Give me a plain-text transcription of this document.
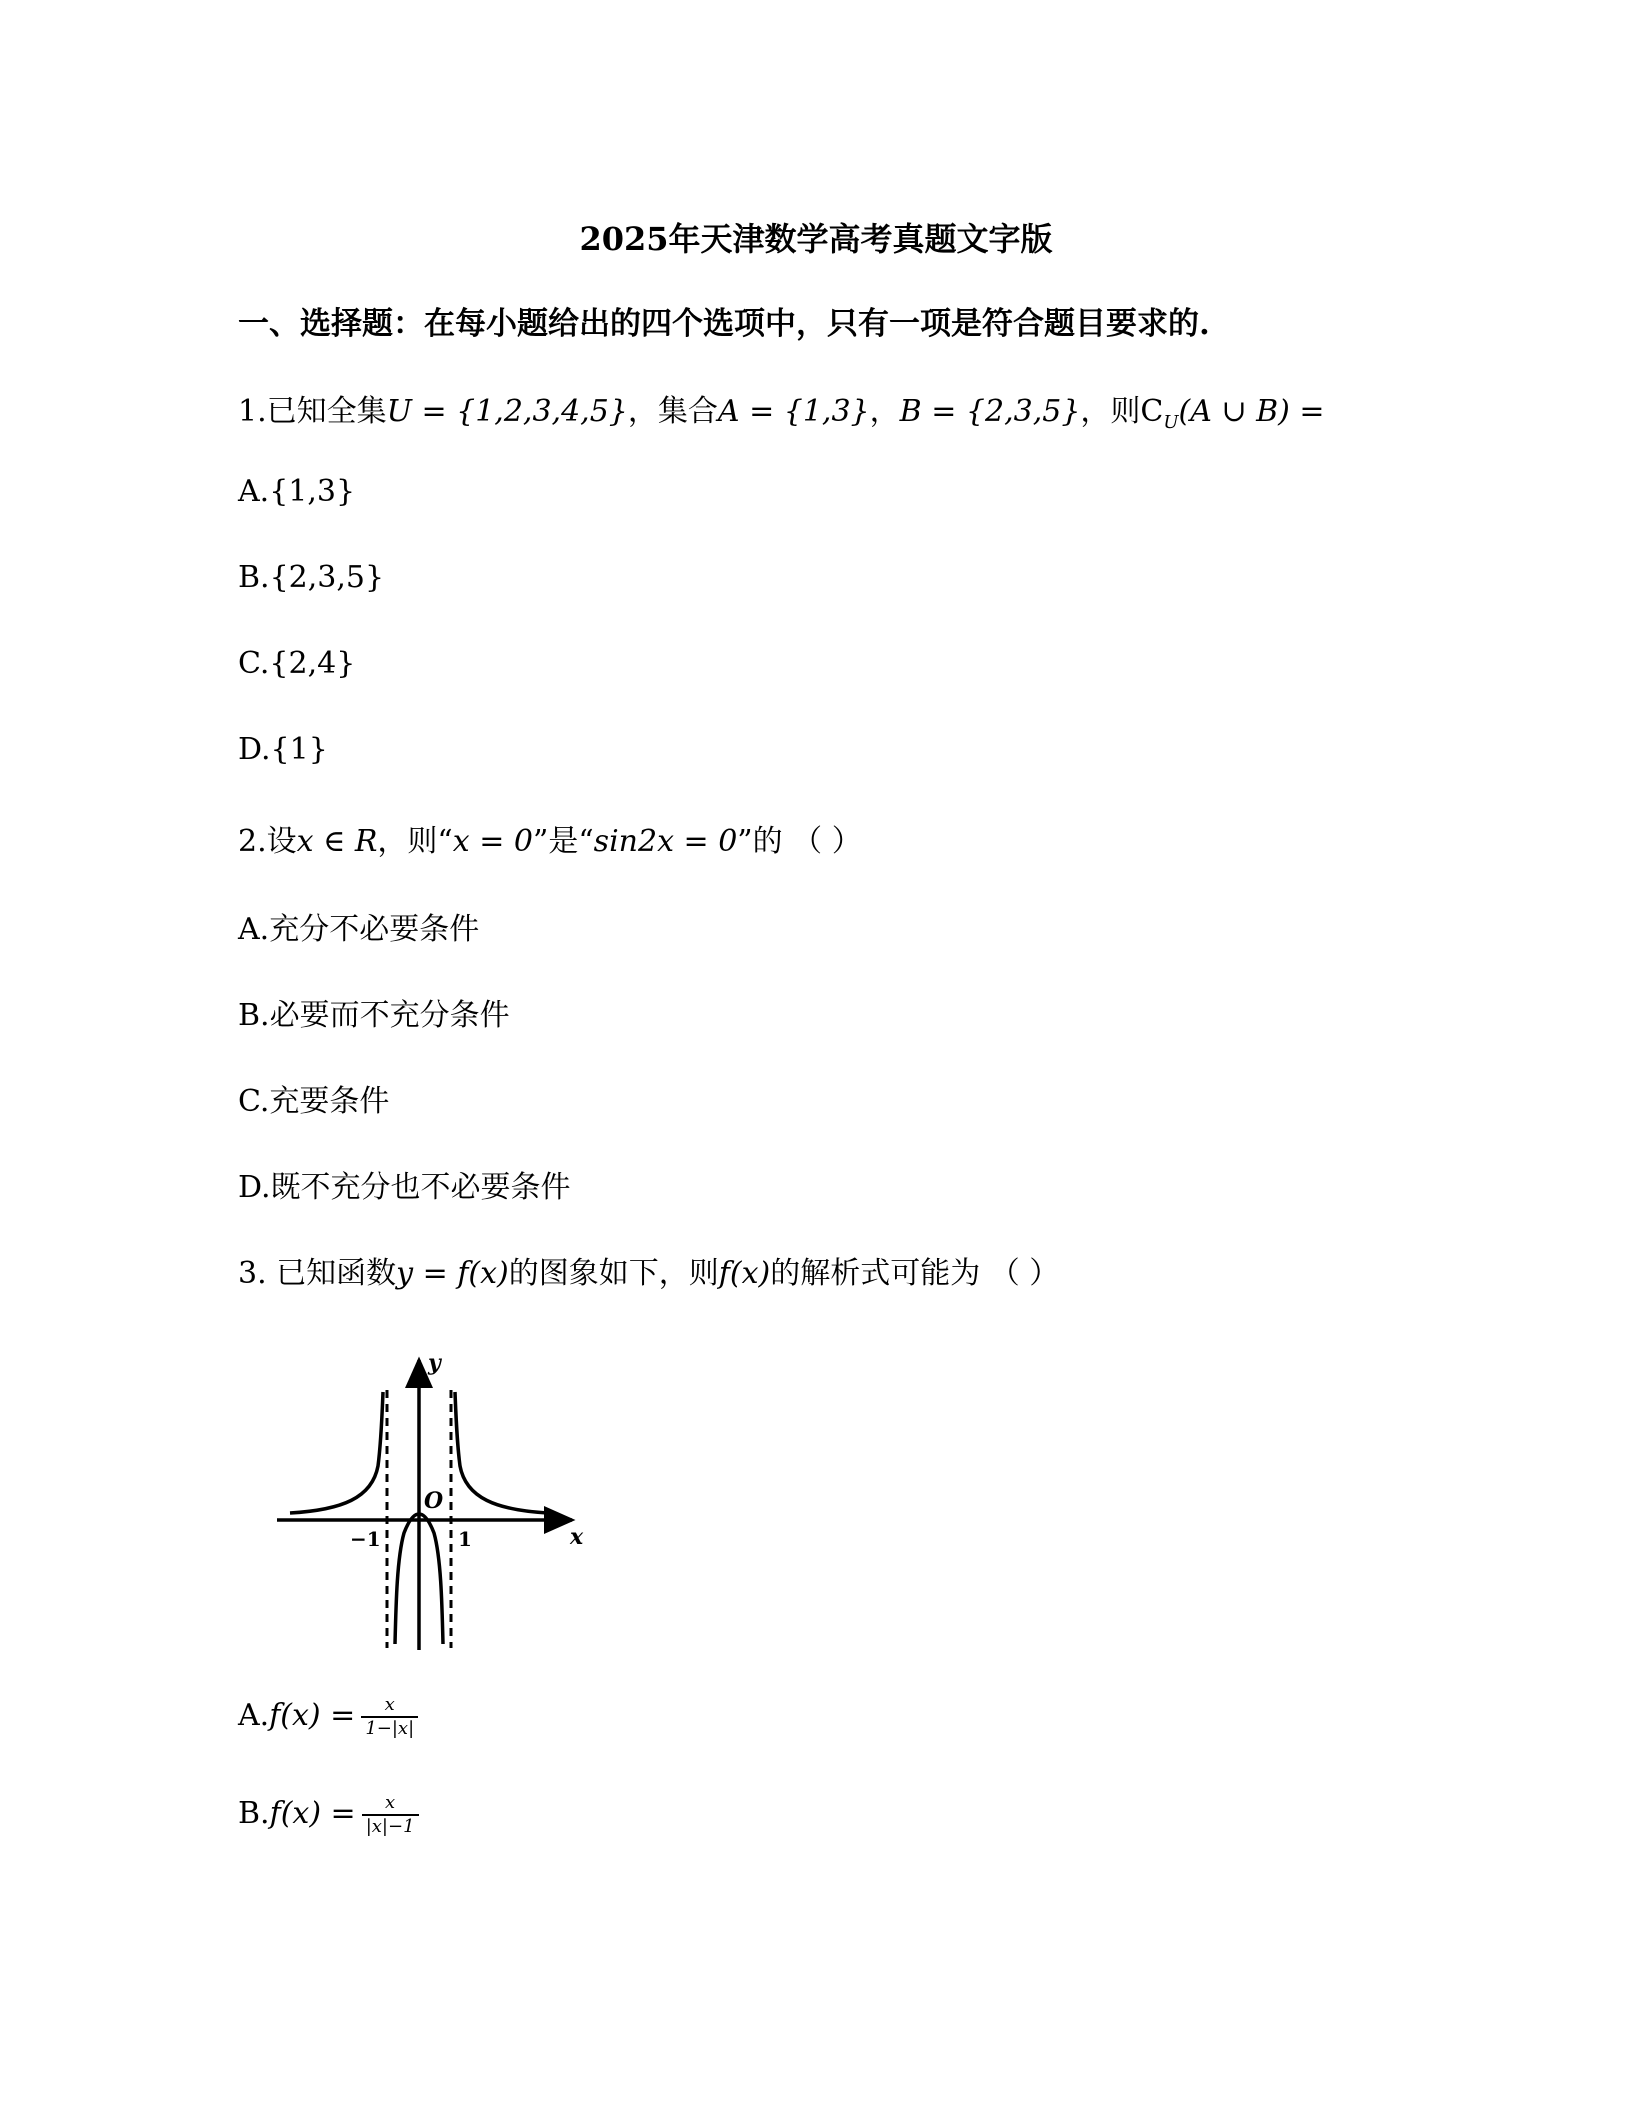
2025年天津数学高考真题文字版
一、选择题：在每小题给出的四个选项中，只有一项是符合题目要求的.
1.已知全集U = {1,2,3,4,5}，集合A = {1,3}，B = {2,3,5}，则$C_U(A$ ∪ B) =
A.{1,3}
B.{2,3,5}
C.{2,4}
D.{1}
2.设x ∈ R，则“x = 0”是“sin2x = 0”的 （ ）
A.充分不必要条件
B.必要而不充分条件
C.充要条件
D.既不充分也不必要条件
3. 已知函数y = f(x)的图象如下，则f(x)的解析式可能为 （ ）
y
x
O
−1	1
$A.f(x) = \frac{x}{1-|x|}$
$B.f(x) = \frac{x}{|x|-1}$
